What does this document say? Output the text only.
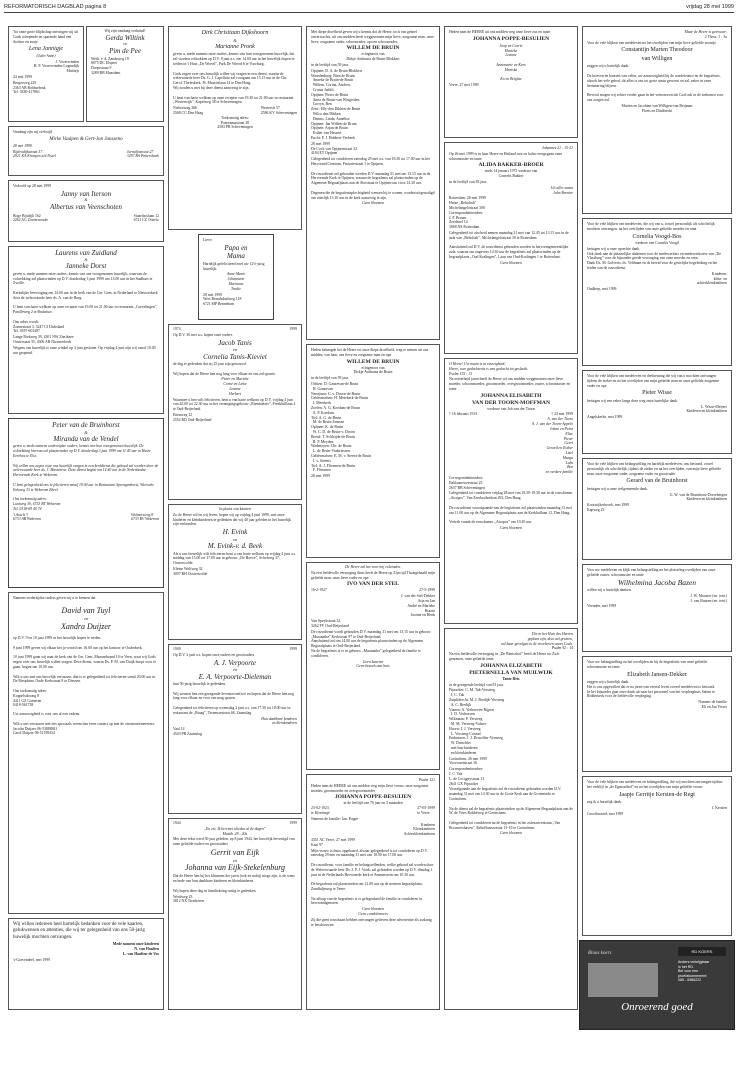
REFORMATORISCH DAGBLAD pagina 8	vrijdag 28 mei 1999
Tot onze grote blijdschap ontvingen wij uit Gods schepende en sparende hand een dochter en zusje
Lena Jannigje
(Julie-Anne)
J. Vooerwinden
H. P. Vooerwinden-Logendijk
Mattiejs
24 mei 1999
Bergerweg 229
2363 AB Rohbarbrak
Tel. 0180-417861
Wij zijn vandaag verhuisd!
Gerda Wiltink
en
Pim de Pee
Weth. v. d. Zandeweg 19
8075 DC Elspeet
Dorpsstraat 9
3289 BB Maasdam
Vandaag zijn wij verloofd
Mirke Vaulpen & Gert-Jan Jansseno
28 mei 1999
Rijdendijkstraat 37
2921 KA Krimpen a/d IJssel
Jurmiljostraat 27
3297 BA Puttershoek
Verloofd op 28 mei 1999
Janny van Iterson
&
Albertus van Veenschoten
Boge Bijsdijk 162
2262 AG Zoeterwoude
Stuartboslaan 12
6721 CZ Otterlo
Laurens van Zuidland
&
Janneke Dorst
geven u, mede namens onze ouders, kennis van ons voorgenomen huwelijk, waarvan de voltrekking zal plaatsvinden op D.V. donderdag 3 juni 1999 om 13.00 uur in het Stadhuis te Zwolle.

Kerkelijke bevestiging om 14.00 uur in de kerk van de Ger. Gem. in Nederland te Nieuwerkerk door de welerwaarde heer ds. A. van de Berg.

U bent van harte welkom op onze receptie van 19.00 tot 21.00 uur in restaurant „Grevelingen”, Paralleweg 2 te Bruinisse.

Ons adres wordt:
Zonnestraat 3, 3247 CJ Dirksland
Tel. 0187-601487
Lange Riekweg 39, 4301 NW Zierikzee
Oosterstaat 35, 4306 AB Nieuwerkerk
Wegens ons huwelijk is onze winkel op 3 juni gesloten. Op vrijdag 4 juni zijn wij vanaf 10.00 uur geopend.
Peter van de Bruinhorst
&
Miranda van de Vendel
geven u, mede namens wederzijdse ouders, kennis van hun voorgenomen huwelijk. De voltrekking hiervan zal plaatsvinden op D.V. donderdag 3 juni 1999 om 11.45 uur in Huize Eerebos te Elst.

Wij willen ons zegen voor ons huwelijk vragen in een kerkdienst die gehoud zal worden door de welerwaarde heer ds. J. Mastenroe. Deze dienst begint om 14.40 uur in de Nederlandse Hervormde Kerk te Wekerom.

U bent gelegenheid ons te feliciteren vanaf 19.00 uur in Restaurant Sprengenhorst, Wiersche Enkweg 33 te Wekerom Ehrel.

Ons toekomstig adres:
Luntweg 30, 6733 BT Wekerom
Tel. 0318-69 40 74
't Asselt 3
6733 AB Wekerom
Wolmersweg 8
6733 BV Wekerom
Namens wederzijdse ouders geven wij u te kennen dat
David van Tuyl
en
Xandra Duijzer
op D.V. 9 en 10 juni 1999 in het huwelijk hopen te treden.

9 juni 1999 geven wij elkaar het ja-woord om 16.00 uur op het kantoor te Ouderkerk.

10 juni 1999 gaan wij naar de kerk van de Ger. Gem. Maasenbrand 10 te Veen, waar wij Gods zegen over ons huwelijk willen vragen. Deze dienst, waarin Ds. P. M. van Duijk hoopt voor te gaan, begint om 10.00 uur.

Wilt u ons met ons huwelijk verrassen, dan is er gelegenheid tot feliciteren vanaf 20.00 uur in De Rietpluim, Oude Kerkstraat 8 te Diessen.

Ons toekomstig adres:
Koppelsdotong 8
4411 GZ Gameren
0418-561738
Uw aanwezigheid is voor ons al een cadeau.

Wilt u ons verrassen met iets speciaals, neem dan even contact op met de ceremoniemeesters:
Jacolin Duijzer 06-53888841
Carol Duijzer 06-51198434
Wij willen iedereen heel hartelijk bedanken voor de vele kaarten, gelukwensen en attenties, die wij ter gelegenheid van ons 50-jarig huwelijk mochten ontvangen.
Mede namens onze kinderen
N. van Haaften
L. van Haaften-de Vos
's-Gravendeel, mei 1999
Dirk Christiaan Dijkshoorn
&
Marianne Pronk
geven u, mede namens onze ouders, kennis van hun voorgenomen huwelijk, dat zal worden voltrokken op D.V. 8 juni a.s. om 14.00 uur in het huwelijk hopen te treden in 't Huis „De Woerd”, Park De Woerd 6 te Voorburg.

Gods zegen over ons huwelijk willen wij vragen in een dienst, waarin de welerwaarde heer Ds. G. J. Capelluto zal voorgaan om 15.15 uur in de Chr. Gerof. Theleskerk, Pr. Mauritslaan 14 te Den Haag.
Wij zouden u niet bij deze dienst aanwezig te zijn.

U bent van harte welkom op onze receptie van 19.30 tot 21.00 uur in restaurant „Westerwijk”, Kapelweg 38 te Scheveningen.
Nieboerrug 266
2568 CG Den Haag
Westerstr 57
2586 KV Scheveningen
Toekomstig adres:
Panoramastraat 28
2583 PR Scheveningen
Lieve
Papa en
Mama
Hartelijk gefeliciteerd met uw 12½-jarig huwelijk.
Anne-Marie
Johannette
Marianne
Trudie
28 mei 1999
West Brandsdaalweg 118
6721 MP Bennekom
1974	1999
Op D.V. 30 mei a.s. hopen onze ouders
Jacob Tanis
en
Cornelia Tanis-Kieviet
de dag te gedenken dat zij 25 jaar zijn getrouwd.

Wij hopen dat de Heere hen nog lang voor elkaar en ons zal sparen.
Pieter en Marieke
Corné en Lieke
Leanne
Herbert
Waarmee u hen wilt feliciteren, bent u van harte welkom op D.V. vrijdag 4 juni van 20.00 tot 22.30 uur in het verenigingsgebouw „Ebenhaëzer”, Freekhilllaan 2 te Oud-Beijerland.
Etienweg 12
2552 RD Oud-Beijerland
In plaats van kaarten
Zo de Heere wil en wij leven, hopen wij op vrijdag 4 juni 1999, met onze kinderen en kleinkinderen te gedenken dat wij 40 jaar geleden in het huwelijk zijn verbonden.
H. Evink
en
M. Evink-v. d. Beek
Als u ons feestelijk wilt feliciteren bent u van harte welkom op vrijdag 4 juni a.s. middag van 15.00 tot 17.00 uur in gebouw „De Hoeve”, Schotweg 37, Oosterwolde.
Kleine Wolfweg 32
3097 RH Oosterwolde
1949	1999
Op D.V. 2 juni a.s. hopen onze ouders en grootouders
A. J. Verpoorte
en
E. A. Verpoorte-Dieleman
hun 50-jarig huwelijk te gedenken.

Wij wensen hen een gezegende levensavond toe en hopen dat de Heere hen nog lang voor elkaar en voor ons mag sparen.

Gelegenheid tot feliciteren op woensdag 2 juni a.s. van 17.30 tot 18.00 uur in restaurant de „Braag”, Terneuzestraat 68, Zaamslag.
Hun dankbare kinderen
en kleinkinderen
Vaal 14
4543 PB Zaamslag
1944	1999
„En zie, Ik ben met ulieden al de dagen”
Mattth. 28 : 20a
Met deze tekst werd 50 jaar geleden, op 8 juni 1944, het huwelijk bevestigd van onze geliefde ouders en grootouders
Gerrit van Eijk
en
Johanna van Eijk-Stekelenburg
Dat de Heere hen bij het klimmen der jaren (ook en nabij) moge zijn, is de wens en bede van hun dankbare kinderen en kleinkinderen.

Wij hopen deze dag in familiekring rustig te gedenken.
Wesdweg 23
3812 NX Tienhoven
Met diepe droefheid geven wij u kennis dat de Heere, toch ons geheel onverwachts, uit ons midden heeft weggenomen mijn lieve, zorgzame man, onze lieve, zorgzame vader, schoonvader, opa en schoonvader,
WILLEM DE BRUIN
echtgenoot van
Dirkje Anthonia de Bruin-Blokkert
in de leeftijd van 59 jaar.
Opijnen: D. A. de Bruin-Blokkert
Waardenburg: Bien de Bruin
Anneke de Bruin-de Bruin
Willem, Corina, Anchen,
Cronia Judith
Opijnen: Pieter de Bruin
Anna de Bruin-van Wingerden
Corryn, Ben
Zeist: Elly-den Dikken-de Bruin
Wilco den Dikken
Dennis, Linda, Annelise
Opijnen: Jan Willem de Bruin
Opijnen: Arjan de Bruin
Esther van Hessert
Encht: P. J. Hobbert-Verbeek
28 mei 1999
De Cock van Opijnenstraat 32
4184 ET Opijnen
Gelegenheid tot condoleren zaterdag 29 mei a.s. van 18.30 tot 17.00 uur in het Hervormd Centrum, Pastoriestraat 1 te Opijnen.

De rouwdienst zal gehouden worden D.V. maandag 31 mei om 13.15 uur in de Hervormde Kerk te Opijnen, waarna de begrafenis zal plaatsvinden op de Algemene Begraafplaats aan de Slotstraat te Opijnen om circa 14.30 uur.

Degenen die de begrafenisplechtigheid wensen bij te wonen, worden uitgenodigd om uiterlijk 13.10 uur in de kerk aanwezig te zijn.
Geen bloemen
Heden behaagde het de Heere tot onze diepe droefheid, weg te nemen uit ons midden, van haar, ons lieve en zorgzame man en opa
WILLEM DE BRUIN
echtgenoot van
Dirkje Anthonia de Bruin
in de leeftijd van 59 jaar.
Ochten: D. Ganzevan-de Bruin
H. Ganzevan
Neerijnen: C. v. Doorn-de Bruin
Geldermalsen: H. Meerkerk-de Bruin
J. Meerkerk
Zoelen: A. G. Koedam-de Bruin
A. P. Koedam
Tiel: A. G. de Bruin
M. de Bruin-Janssen
Opijnen: K. de Bruin
W. C. D. de Bruin-v. Doorn
Beesd: T. Schleijde-de Bruin
R. P. Meyden
Wadenoyen: Chr. de Bruin
L. de Bruin-Vanbriessen
Geldermalsen: E. M. v. Steeni-de Bruin
J. v. Steenis
Tiel: A. J. Fliesmen-de Bruin
F. Fliesmen
28 mei 1999
De Heere zal het voor mij voleinden.
Na een liefdevolle verzorging thuis heeft de Heere op Zijn tijd Thuisgehaald mijn geliefde man, onze lieve vader en opa
IVO VAN DER STEL
16-2-1927	27-5-1999
J. van der Stel-Dekker
Arja en Jan
André en Marieke
Brazin
Justine en Henk
Van Speykstraat 32
3262 PV Oud-Beijerland
De rouwdienst wordt gehouden D.V. maandag 31 mei om 13.15 uur in gebouw „Maranatha” Kerkstraat 97 te Oud-Beijerland.
Aansluitend zal om 14.00 uur de begrafenis plaatsvinden op de Algemene Begraafplaats te Oud-Beijerland.
Na de begrafenis is er in gebouw „Maranatha” gelegenheid de familie te condoleren.
Geen kaarten
Geen bezoek aan huis
Psalm 121
Heden nam de HEERE uit ons midden weg mijn lieve vrouw, onze zorgzame moeder, grootmoeder en overgrootmoeder
JOHANNA POPPE-BESUIJEN
in de leeftijd van 76 jaar en 3 maanden
23-02-1923
te Kloetinge
27-05-1999
te Veere
Namens de familie: Jan. Poppe
Kinderen
Kleinkinderen
Achterkleinkinderen
4351 AC Veere, 27 mei 1999
Kaai 97
Mijn vrouw is thuis opgebaard, alwaar gelegenheid is tot condoleren op D.V. zaterdag 29 mei en maandag 31 mei van 18.00 tot 17.00 uur.

De rouwdienst, voor familie en belangstellenden, welke gehoud zal worden door de Weleerwaarde heer Ds. J. P. J. Vonk, zal gehouden worden op D.V. dinsdag 1 juni in de Nederlands Hervormde kerk te Ammerstein om 10.30 uur.

De begrafenis zal plaatsvinden om 12.00 uur op de normen begraafplaats, Zandhiljeweg te Veere.

Na afloop van de begrafenis is er gelegenheid de familie te condoleren in hervormdgenoten.
Geen bloemen
Geen condoleances
Zij die geen rouwkaart hebben ontvangen gelieven deze advertentie als zodanig te beschouwen.
Heden nam de HEERE uit ons midden weg onze lieve zus en tante
JOHANNA POPPE-BESUIJEN
Joop en Corrie
Marieke
Leanne

Annemarie en Kees
Mariska

Ko en Brigitte
Veere, 27 mei 1999
Johannes 21 : 15-21
Op 26 mei 1999 is in haar Heere en Heiland rust en kalm overgegaan onze schoonzuster en tante
ALIDA BAKKER-BROER
sinds 14 januari 1975 weduwe van
Cornelis Bakker
in de leeftijd van 83 jaar.
Uit aller naam
John Brenter
Rotterdam, 26 mei 1999
Huize „Beholoth”
Michelangelostraat 300
Correspondentieadres:
J. P. Brouer
Zeedistel 14
3068 NS Rotterdam
Gelegenheid tot afscheid nemen maandag 31 mei van 12.45 tot 13.15 uur in de aula van „Beholoth”, Michelangelostraat 30 te Rotterdam.

Aansluitend zal D.V. de rouwdienst gehouden worden in hervormgemeentlijke aula, waarna om ongeveer 14.30 uur de begrafenis zal plaatsvinden op de begraafplaats „Oud Kralingen”, Laan van Oud-Kralingen 1 te Rotterdam.
Geen bloemen
O Heere! Uw naam is in eeuwigheid;
Heere, uwe gedachtenis is van geslacht tot geslacht.
Psalm 135 : 13
Na zoeterheid jaren heeft de Heere uit ons midden weggenomen onze lieve moeder, schoonmoeder, grootmoeder, overgrootmoeder, zuster, schoonzuster en tante
JOHANNA ELISABETH
VAN DER TOORN-MOFFMAN
weduwe van Job van der Toorn
† 16 februari 1913	† 24 mei 1999
A. van der Toorn
A. J. van der Toorn-Appelo
Johan en Petra
Elise
Pieter
Geert
Gerard en Esther
Lisel
Marga
Labs
Ben
en verdere familie
Correspondentieadres:
Enklaanoweestraat 25
2637 BB Scheveningen
Gelegenheid tot condoleren vrijdag 28 mei van 18.30-19.30 uur in de rouwkamer „Atropos”, Van Zeerlusthoekan 292, Den Haag.

De rouwdienst voorafgaande aan de begrafenis zal plaatsvinden maandag 31 mei om 11.00 uur op de Algemene Begraafplaats aan de Kerkhoflaan 12, Den Haag.

Vertrek vanuit de rouwkamer „Atropos” om 10.30 uur.
Geen bloemen
Die in het Huis des Heeren
geplant zijn, deze zal groeien,
zal haar gevolgen in de voorhoven onzes Gods.
Psalm 92 : 14
Na een liefdevolle verzorging in „De Bienschof” heeft de Heere tot Zich genomen, onze geliefde tante
JOHANNA ELIZABETH
PIETERNELLA VAN MUILWIJK
Tante Bets
in de gezegende leeftijd van 81 jaar.
Pijnacker: C. M. Tak-Versteeg
J. C. Tak
Zuiplidrecht: M. J. Bredijk-Versteeg
A. C. Bredijk
Vianen: A. Verhoeven-Rijpen
J. D. Verhoeven
Wiltmaan: P. Versteeg
M. M. Versteeg-Valster
Hoorn: J. J. Versteeg
L. Versteeg-Conrad
Embrunen: J. J. Druschler-Versteeg
W. Druschler
met hun kinderen
en kleinkinderen
Gorinchem, 26 mei 1999
Voorvaartstraat 16
Correspondentieadres:
J. C. Tak
L. de Cocqgeystraat 13
2641 GX Pijnacker
Voorafgaande aan de begrafenis zal de rouwdienst gehouden worden D.V. maandag 31 mei om 14.30 uur in de Grote Kerk aan de Grotemarkt te Gorinchem.

Na de dienst zal de begrafenis plaatsvinden op de Algemene Begraafplaats aan de W. de Vries Robbéweg te Gorinchem.

Gelegenheid tot condoleren na de begrafenis in het zalvaartcentrum „Van Brouwershaven”, Rebolliuuswestat 15-19 te Gorinchem.
Geen bloemen
Maar de Heere is getrouwe.
2 Thess. 3 : 3a
Voor de vele blijken van medeleven na het overlijden van mijn lieve geliefde zoontje
Constantijn Marten Theodoor
van Willigen
zeggen wij u hartelijk dank.

De brieven en kaarten van velen, uw aanwezigheid bij de condoleance en de begrafenis, alsook het vele gebed, dit alles is ons tot grote steun geweest en zal, zeker in onze herinnering blijven.

Beveral mogen wij echter verder gaan in het vertrouwen dat God ook in de toekomst voor ons zorgen zal.
Marten en Jacobien van Willigen-van Beijnum
Floris en Dinibrecht
Voor de vele blijken van medeleven, die wij van u, zowel persoonlijk als schriftelijk mochten ontvangen, na het overlijden van onze geliefde moeder en oma
Cornelia Voogd-Bos
weduwe van Cornelis Voogd
betuigen wij u onze oprechte dank.
Ook dank aan de plaatselijke diakenen voor de medewerkers en medewerksters van „De Vlasthorg” voor de bijzonder goede verzorging van onze moeder en oma.
Dank Ds. M. Golverts, ds. Veldman en ds bereid voor de gestelijke begeleiding en het leiden van de rouwdienst.
Kinderen,
klein- en
achterkleinkinderen
Oudkerp, mei 1999
Voor de vele blijken van medeleven en deelneming die wij van u mochten ontvangen tijdens de ziekte en na het overlijden van mijn geliefde man en onze geliefde zorgzame vader en opa
Pieter Wisse
betuigen wij een zeker langs deze weg onze hartelijke dank.
L. Wisse-Meijers
Kinderen en kleinkinderen
Angelskerke, mei 1999
Voor de vele blijken van belangstelling en hartelijk medeleven, ons betoond, zowel persoonlijk als schriftelijk, tijdens de ziekte en na het overlijden, van mijn lieve geliefde man, onze zorgzame vader, zorgzame vader en grootvader
Gerard van de Bruinhorst
betuigen wij u onze welgemeende dank.
G. W. van de Bruinhorst-Dorrebergen
Kinderen en kleinkinderen
Kootwijkerbroek, mei 1999
Kapweg 23
Voor uw medeleven en blijk van belangstelling na het plotseling overlijden van onze geliefde zuster, schoonzuster en tante
Wilhelmina Jacoba Bazen
willen wij u hartelijk danken.
J. W. Mouster (en. tent.)
J. van Buuren (en. tent.)
Veenden, mei 1999
Voor uw belangstelling na het overlijden en bij de begrafenis van onze geliefde schoonzuster en tante
Elizabeth Jansen-Dekker
zeggen wij u hartelijk dank.
Het is ons opgevallen dat er na jaren van veertal leven zoveel medeleven is betoond.
In het bijzonder gaat onze dank uit naar het personeel van het verpleeghuis Salem te Ridderkerk voor de liefdevolle verpleging.
Namens de familie
Eli en Jan Visser
Voor de vele blijken van medeleven en belangstelling, die wij mochten ontvangen tijdens het verblijf in „de Egmonthof” en na het overlijden van mijn geliefde vrouw
Jaapje Gerritje Kersten-de Regt
zeg ik u hartelijk dank.
J. Kersten
Groothwaard, mei 1999
Blaas koers	RD KOERS
Anders verkrijgbaar
in het RD.
Bel voor een
proefabonnement:
085 - 6986222
Onroerend goed
